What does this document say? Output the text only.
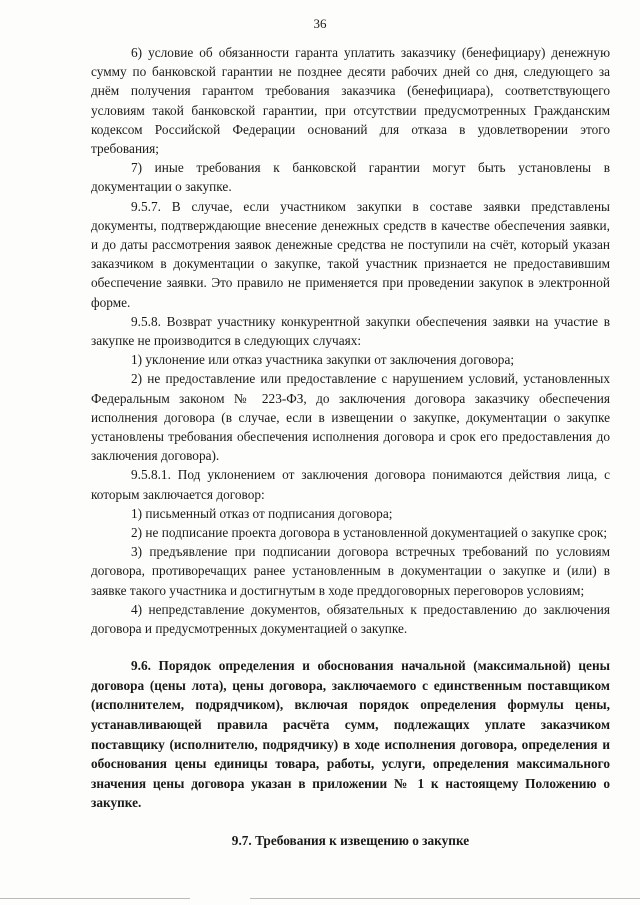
36

6) условие об обязанности гаранта уплатить заказчику (бенефициару) денежную сумму по банковской гарантии не позднее десяти рабочих дней со дня, следующего за днём получения гарантом требования заказчика (бенефициара), соответствующего условиям такой банковской гарантии, при отсутствии предусмотренных Гражданским кодексом Российской Федерации оснований для отказа в удовлетворении этого требования;

7) иные требования к банковской гарантии могут быть установлены в документации о закупке.

9.5.7. В случае, если участником закупки в составе заявки представлены документы, подтверждающие внесение денежных средств в качестве обеспечения заявки, и до даты рассмотрения заявок денежные средства не поступили на счёт, который указан заказчиком в документации о закупке, такой участник признается не предоставившим обеспечение заявки. Это правило не применяется при проведении закупок в электронной форме.

9.5.8. Возврат участнику конкурентной закупки обеспечения заявки на участие в закупке не производится в следующих случаях:

1) уклонение или отказ участника закупки от заключения договора;

2) не предоставление или предоставление с нарушением условий, установленных Федеральным законом № 223-ФЗ, до заключения договора заказчику обеспечения исполнения договора (в случае, если в извещении о закупке, документации о закупке установлены требования обеспечения исполнения договора и срок его предоставления до заключения договора).

9.5.8.1. Под уклонением от заключения договора понимаются действия лица, с которым заключается договор:

1) письменный отказ от подписания договора;

2) не подписание проекта договора в установленной документацией о закупке срок;

3) предъявление при подписании договора встречных требований по условиям договора, противоречащих ранее установленным в документации о закупке и (или) в заявке такого участника и достигнутым в ходе преддоговорных переговоров условиям;

4) непредставление документов, обязательных к предоставлению до заключения договора и предусмотренных документацией о закупке.

9.6. Порядок определения и обоснования начальной (максимальной) цены договора (цены лота), цены договора, заключаемого с единственным поставщиком (исполнителем, подрядчиком), включая порядок определения формулы цены, устанавливающей правила расчёта сумм, подлежащих уплате заказчиком поставщику (исполнителю, подрядчику) в ходе исполнения договора, определения и обоснования цены единицы товара, работы, услуги, определения максимального значения цены договора указан в приложении № 1 к настоящему Положению о закупке.

9.7. Требования к извещению о закупке
